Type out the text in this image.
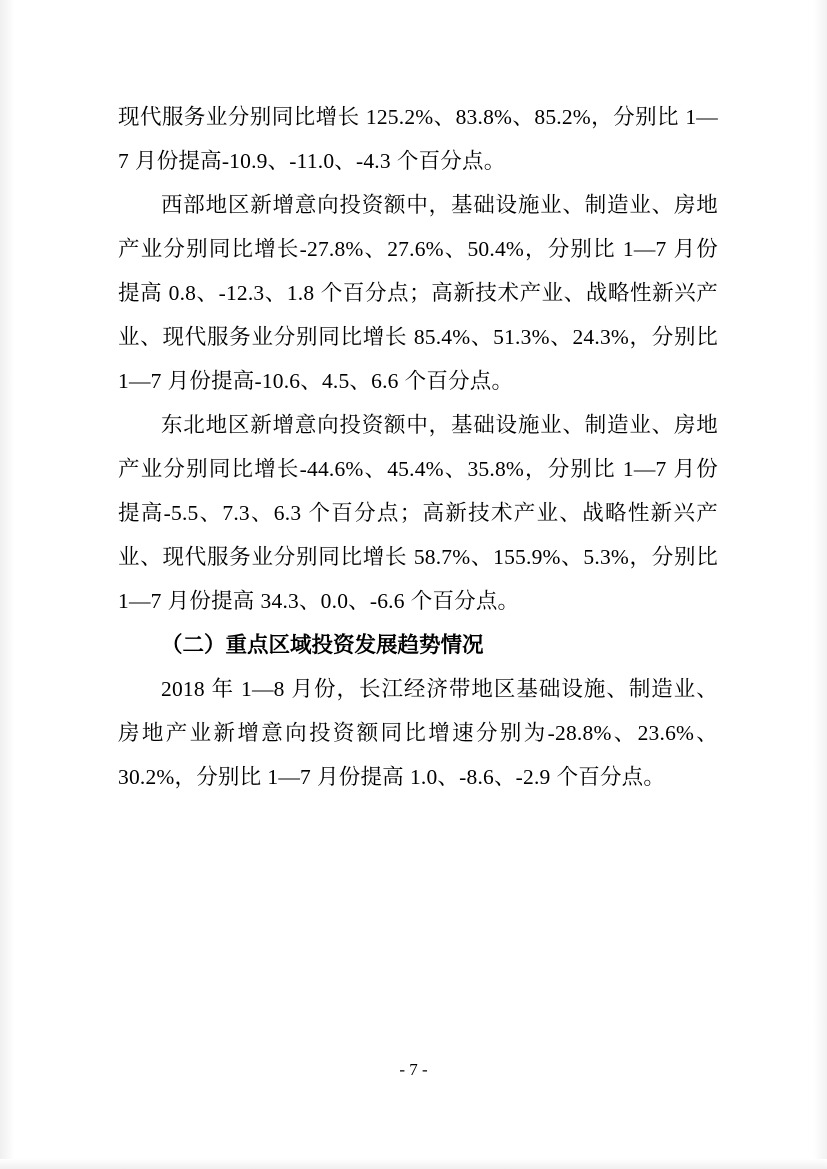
现代服务业分别同比增长 125.2%、83.8%、85.2%，分别比 1—7 月份提高-10.9、-11.0、-4.3 个百分点。

西部地区新增意向投资额中，基础设施业、制造业、房地产业分别同比增长-27.8%、27.6%、50.4%，分别比 1—7 月份提高 0.8、-12.3、1.8 个百分点；高新技术产业、战略性新兴产业、现代服务业分别同比增长 85.4%、51.3%、24.3%，分别比 1—7 月份提高-10.6、4.5、6.6 个百分点。

东北地区新增意向投资额中，基础设施业、制造业、房地产业分别同比增长-44.6%、45.4%、35.8%，分别比 1—7 月份提高-5.5、7.3、6.3 个百分点；高新技术产业、战略性新兴产业、现代服务业分别同比增长 58.7%、155.9%、5.3%，分别比 1—7 月份提高 34.3、0.0、-6.6 个百分点。

（二）重点区域投资发展趋势情况

2018 年 1—8 月份，长江经济带地区基础设施、制造业、房地产业新增意向投资额同比增速分别为-28.8%、23.6%、30.2%，分别比 1—7 月份提高 1.0、-8.6、-2.9 个百分点。

- 7 -
